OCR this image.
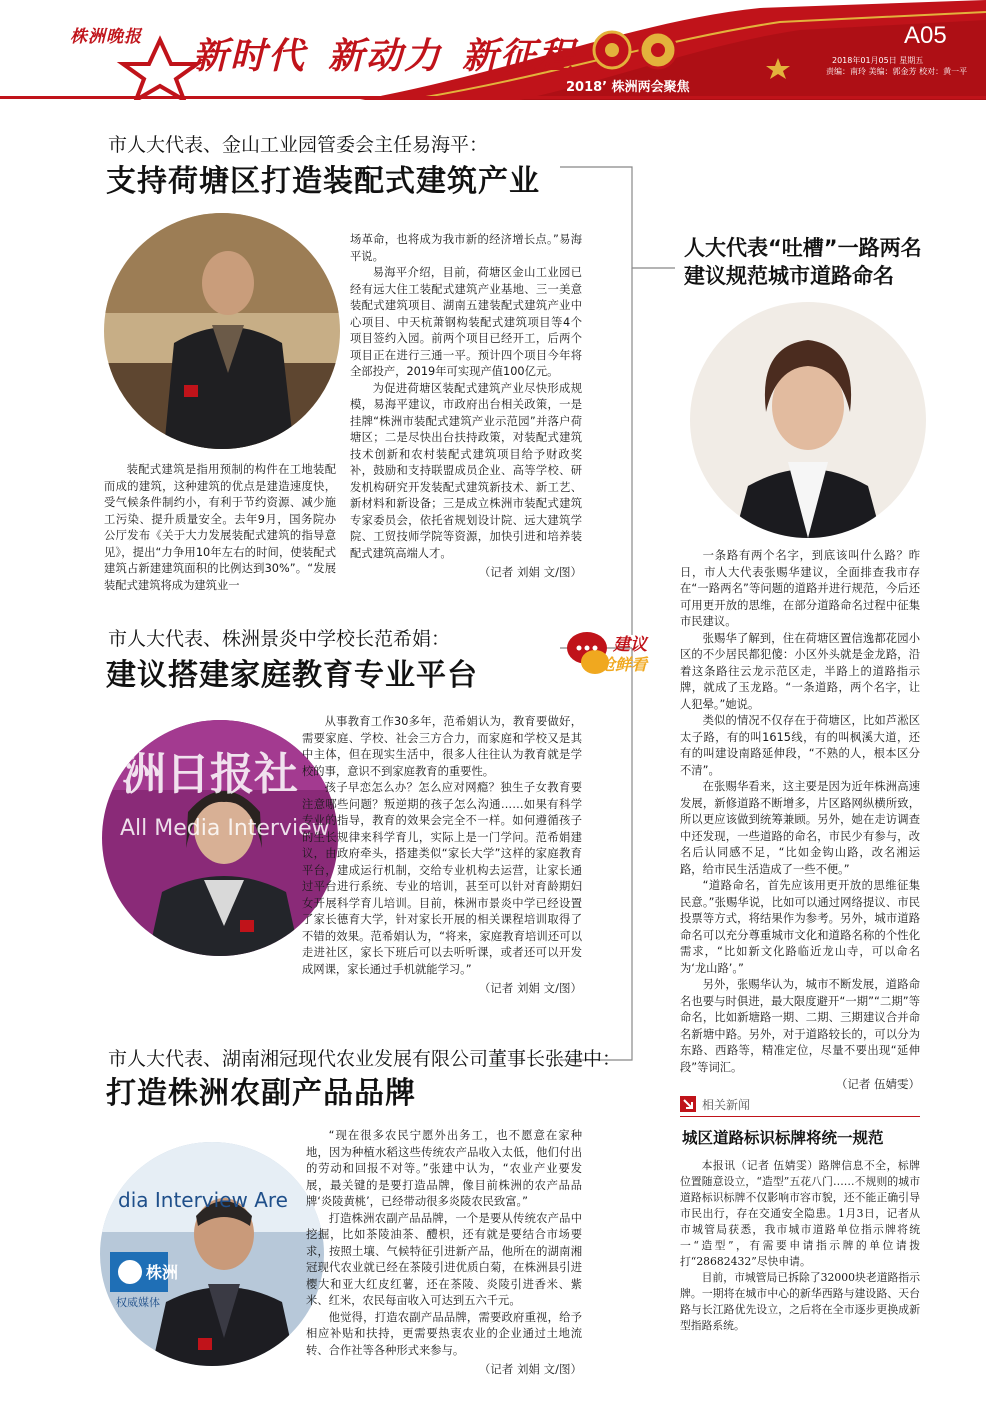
株洲晚报 新时代 新动力 新征程
2018’ 株洲两会聚焦
A05
2018年01月05日 星期五
责编：南玲 美编：郭金芳 校对：黄一平
市人大代表、金山工业园管委会主任易海平：
支持荷塘区打造装配式建筑产业

装配式建筑是指用预制的构件在工地装配而成的建筑，这种建筑的优点是建造速度快，受气候条件制约小，有利于节约资源、减少施工污染、提升质量安全。去年9月，国务院办公厅发布《关于大力发展装配式建筑的指导意见》，提出“力争用10年左右的时间，使装配式建筑占新建建筑面积的比例达到30%”。“发展装配式建筑将成为建筑业一

场革命，也将成为我市新的经济增长点。”易海平说。

易海平介绍，目前，荷塘区金山工业园已经有远大住工装配式建筑产业基地、三一美意装配式建筑项目、湖南五建装配式建筑产业中心项目、中天杭萧钢构装配式建筑项目等4个项目签约入园。前两个项目已经开工，后两个项目正在进行三通一平。预计四个项目今年将全部投产，2019年可实现产值100亿元。

为促进荷塘区装配式建筑产业尽快形成规模，易海平建议，市政府出台相关政策，一是挂牌“株洲市装配式建筑产业示范园”并落户荷塘区；二是尽快出台扶持政策，对装配式建筑技术创新和农村装配式建筑项目给予财政奖补，鼓励和支持联盟成员企业、高等学校、研发机构研究开发装配式建筑新技术、新工艺、新材料和新设备；三是成立株洲市装配式建筑专家委员会，依托省规划设计院、远大建筑学院、工贸技师学院等资源，加快引进和培养装配式建筑高端人才。

（记者 刘娟 文/图）
市人大代表、株洲景炎中学校长范希娟：
建议搭建家庭教育专业平台
洲日报社
All Media Interview

从事教育工作30多年，范希娟认为，教育要做好，需要家庭、学校、社会三方合力，而家庭和学校又是其中主体，但在现实生活中，很多人往往认为教育就是学校的事，意识不到家庭教育的重要性。

孩子早恋怎么办？怎么应对网瘾？独生子女教育要注意哪些问题？叛逆期的孩子怎么沟通……如果有科学专业的指导，教育的效果会完全不一样。如何遵循孩子的生长规律来科学育儿，实际上是一门学问。范希娟建议，由政府牵头，搭建类似“家长大学”这样的家庭教育平台，建成运行机制，交给专业机构去运营，让家长通过平台进行系统、专业的培训，甚至可以针对育龄期妇女开展科学育儿培训。目前，株洲市景炎中学已经设置了家长德育大学，针对家长开展的相关课程培训取得了不错的效果。范希娟认为，“将来，家庭教育培训还可以走进社区，家长下班后可以去听听课，或者还可以开发成网课，家长通过手机就能学习。”

（记者 刘娟 文/图）
市人大代表、湖南湘冠现代农业发展有限公司董事长张建中：
打造株洲农副产品品牌
dia Interview Are
株洲
权威媒体

“现在很多农民宁愿外出务工，也不愿意在家种地，因为种植水稻这些传统农产品收入太低，他们付出的劳动和回报不对等。”张建中认为，“农业产业要发展，最关键的是要打造品牌，像目前株洲的农产品品牌‘炎陵黄桃’，已经带动很多炎陵农民致富。”

打造株洲农副产品品牌，一个是要从传统农产品中挖掘，比如茶陵油茶、醴枳，还有就是要结合市场要求，按照土壤、气候特征引进新产品，他所在的湖南湘冠现代农业就已经在茶陵引进优质白菊，在株洲县引进樱大和亚大红皮红薯，还在茶陵、炎陵引进香米、紫米、红米，农民每亩收入可达到五六千元。

他觉得，打造农副产品品牌，需要政府重视，给予相应补贴和扶持，更需要热衷农业的企业通过土地流转、合作社等各种形式来参与。

（记者 刘娟 文/图）
建议
抢鲜看
人大代表“吐槽”一路两名
建议规范城市道路命名

一条路有两个名字，到底该叫什么路？昨日，市人大代表张赐华建议，全面排查我市存在“一路两名”等问题的道路并进行规范，今后还可用更开放的思维，在部分道路命名过程中征集市民建议。

张赐华了解到，住在荷塘区置信逸都花园小区的不少居民都犯傻：小区外头就是金龙路，沿着这条路往云龙示范区走，半路上的道路指示牌，就成了玉龙路。“一条道路，两个名字，让人犯晕。”她说。

类似的情况不仅存在于荷塘区，比如芦淞区太子路，有的叫1615线，有的叫枫溪大道，还有的叫建设南路延伸段，“不熟的人，根本区分不清”。

在张赐华看来，这主要是因为近年株洲高速发展，新修道路不断增多，片区路网纵横所致，所以更应该做到统筹兼顾。另外，她在走访调查中还发现，一些道路的命名，市民少有参与，改名后认同感不足，“比如金钩山路，改名湘运路，给市民生活造成了一些不便。”

“道路命名，首先应该用更开放的思维征集民意。”张赐华说，比如可以通过网络提议、市民投票等方式，将结果作为参考。另外，城市道路命名可以充分尊重城市文化和道路名称的个性化需求，“比如新文化路临近龙山寺，可以命名为‘龙山路’。”

另外，张赐华认为，城市不断发展，道路命名也要与时俱进，最大限度避开“一期”“二期”等命名，比如新塘路一期、二期、三期建议合并命名新塘中路。另外，对于道路较长的，可以分为东路、西路等，精准定位，尽量不要出现“延伸段”等词汇。

（记者 伍婧雯）
相关新闻
城区道路标识标牌将统一规范

本报讯（记者 伍婧雯）路牌信息不全，标牌位置随意设立，“造型”五花八门……不规则的城市道路标识标牌不仅影响市容市貌，还不能正确引导市民出行，存在交通安全隐患。1月3日，记者从市城管局获悉，我市城市道路单位指示牌将统一“造型”，有需要申请指示牌的单位请拨打“28682432”尽快申请。

目前，市城管局已拆除了32000块老道路指示牌。一期将在城市中心的新华西路与建设路、天台路与长江路优先设立，之后将在全市逐步更换成新型指路系统。
